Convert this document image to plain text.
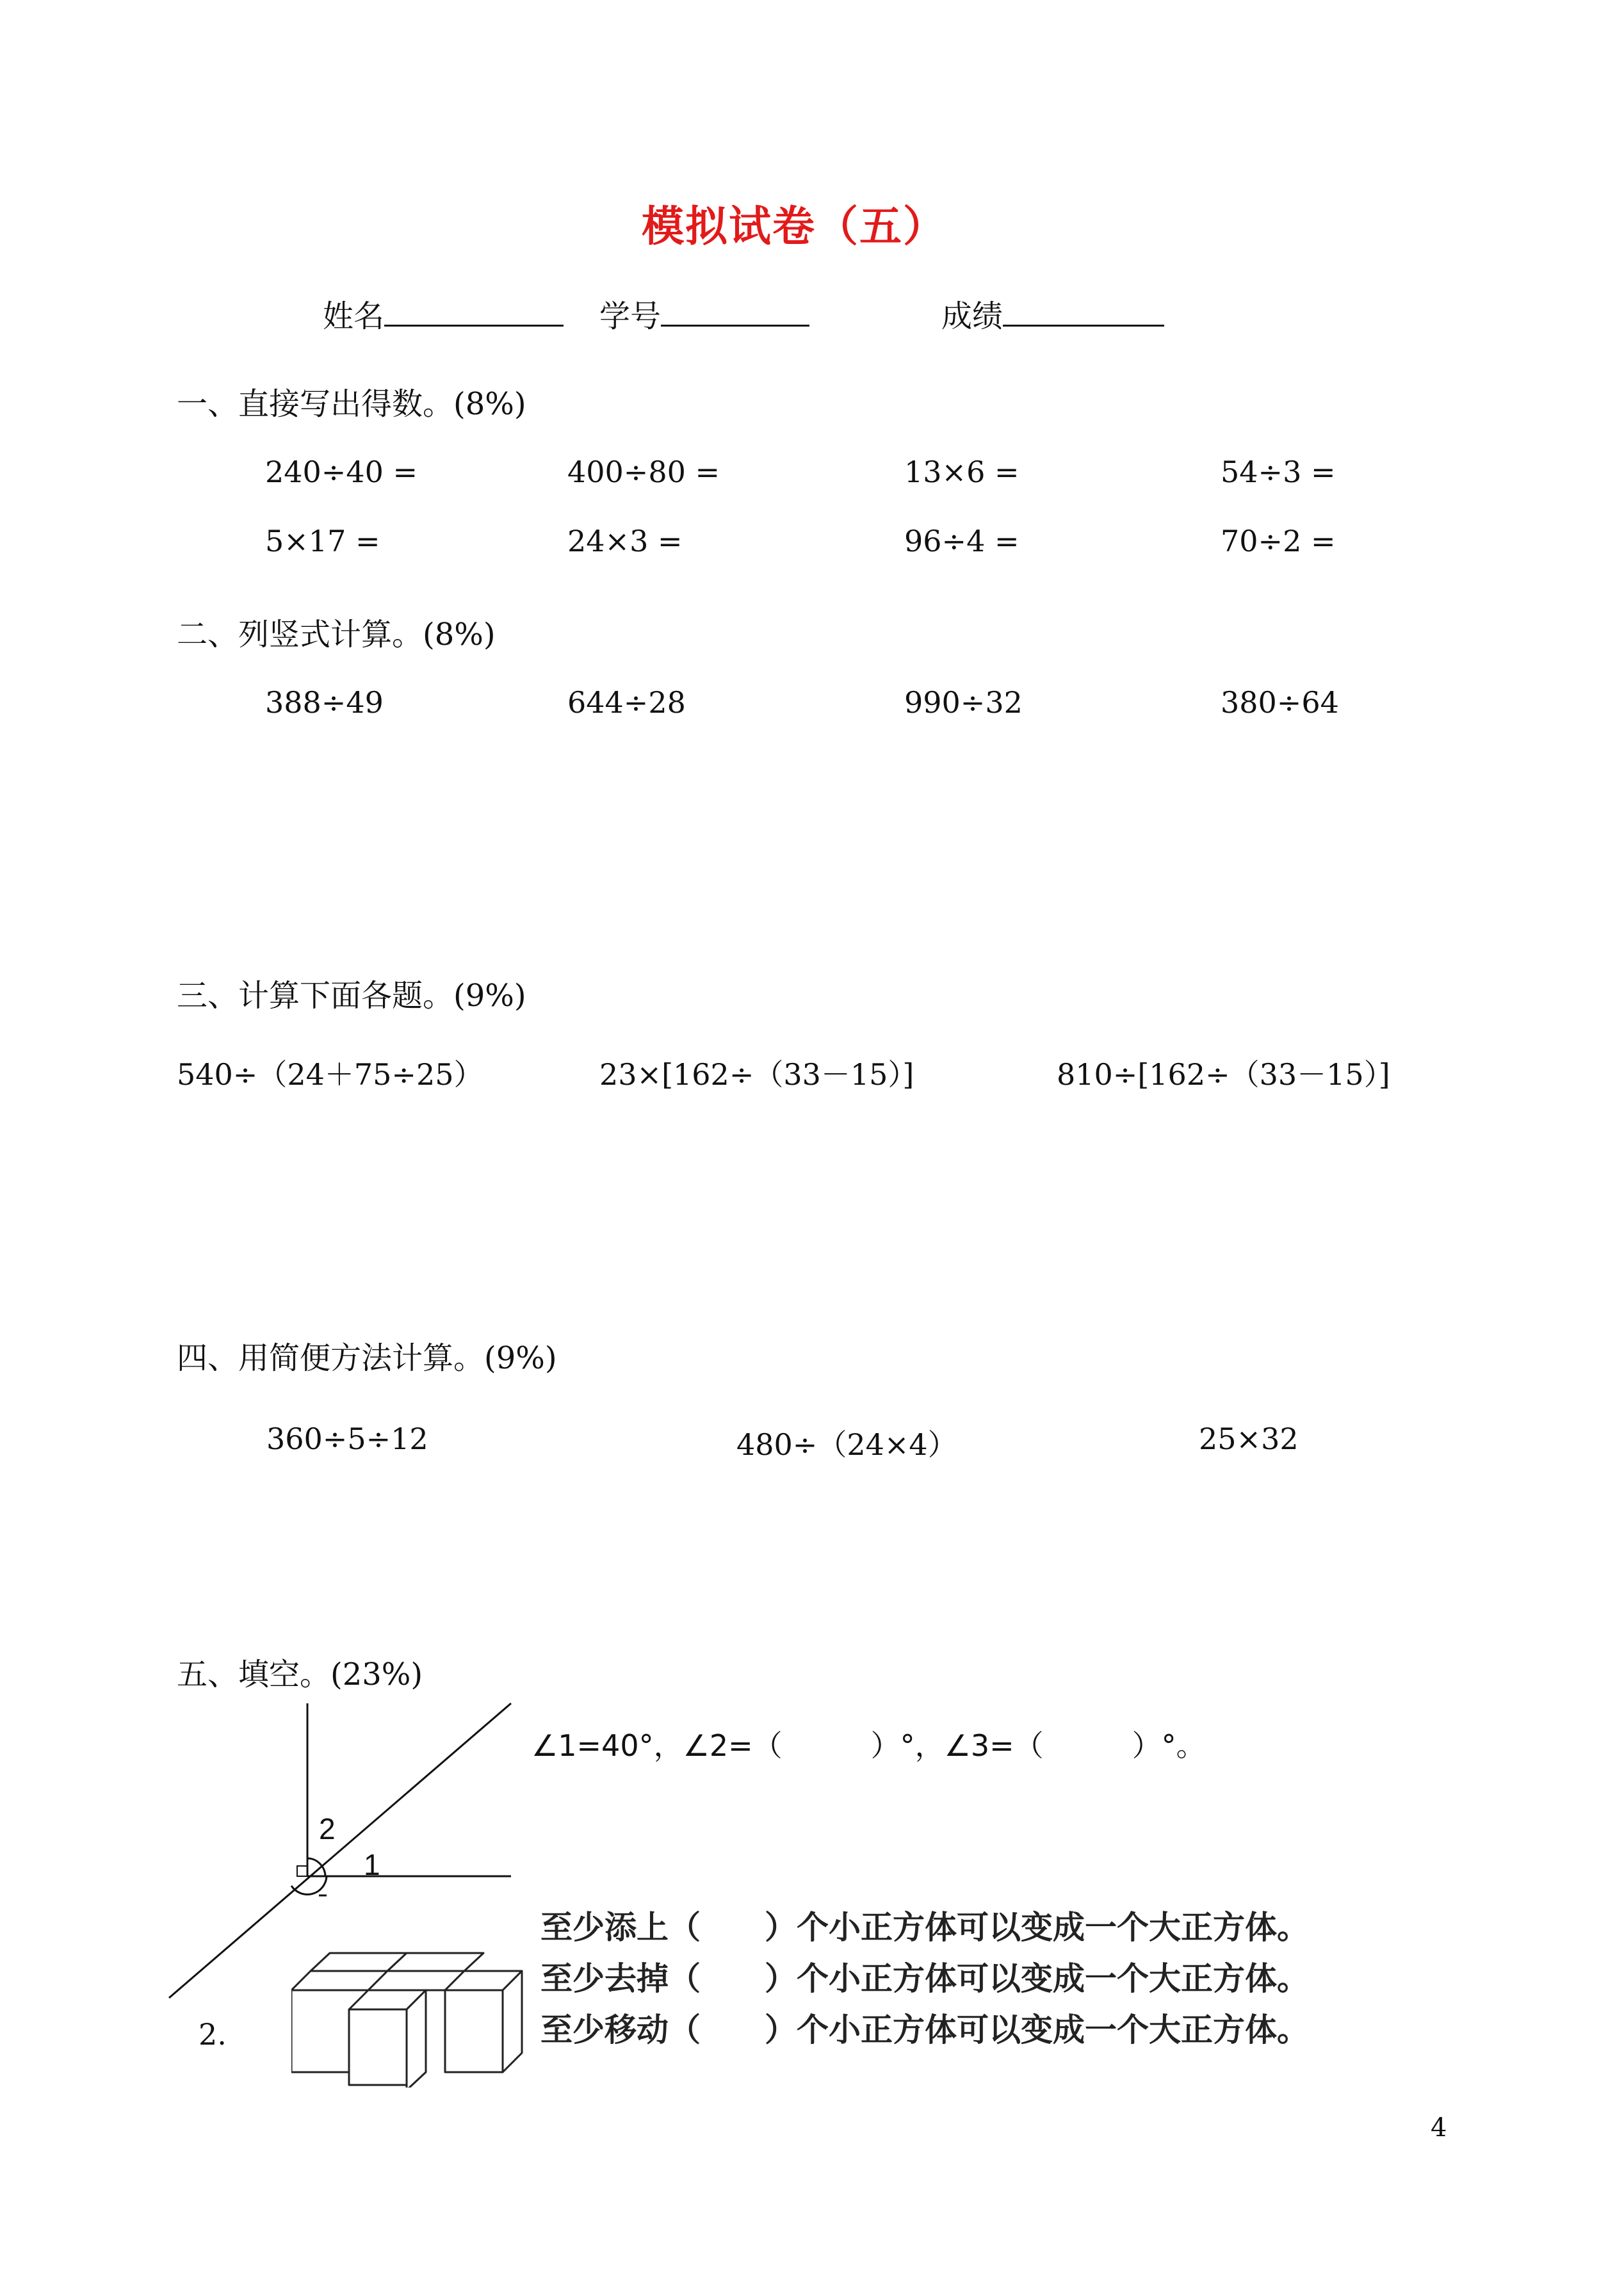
模拟试卷（五）
姓名	学号	成绩
一、直接写出得数。(8%)
240÷40 =	400÷80 =	13×6 =	54÷3 =
5×17 =	24×3 =	96÷4 =	70÷2 =
二、列竖式计算。(8%)
388÷49	644÷28	990÷32	380÷64
三、计算下面各题。(9%)
540÷（24＋75÷25）	23×[162÷（33－15）]	810÷[162÷（33－15）]
四、用简便方法计算。(9%)
360÷5÷12	480÷（24×4）	25×32
五、填空。(23%)
2
1
∠1=40°，∠2=（　　　）°，∠3=（　　　）°。
2.
至少添上（　　）个小正方体可以变成一个大正方体。
至少去掉（　　）个小正方体可以变成一个大正方体。
至少移动（　　）个小正方体可以变成一个大正方体。
4
